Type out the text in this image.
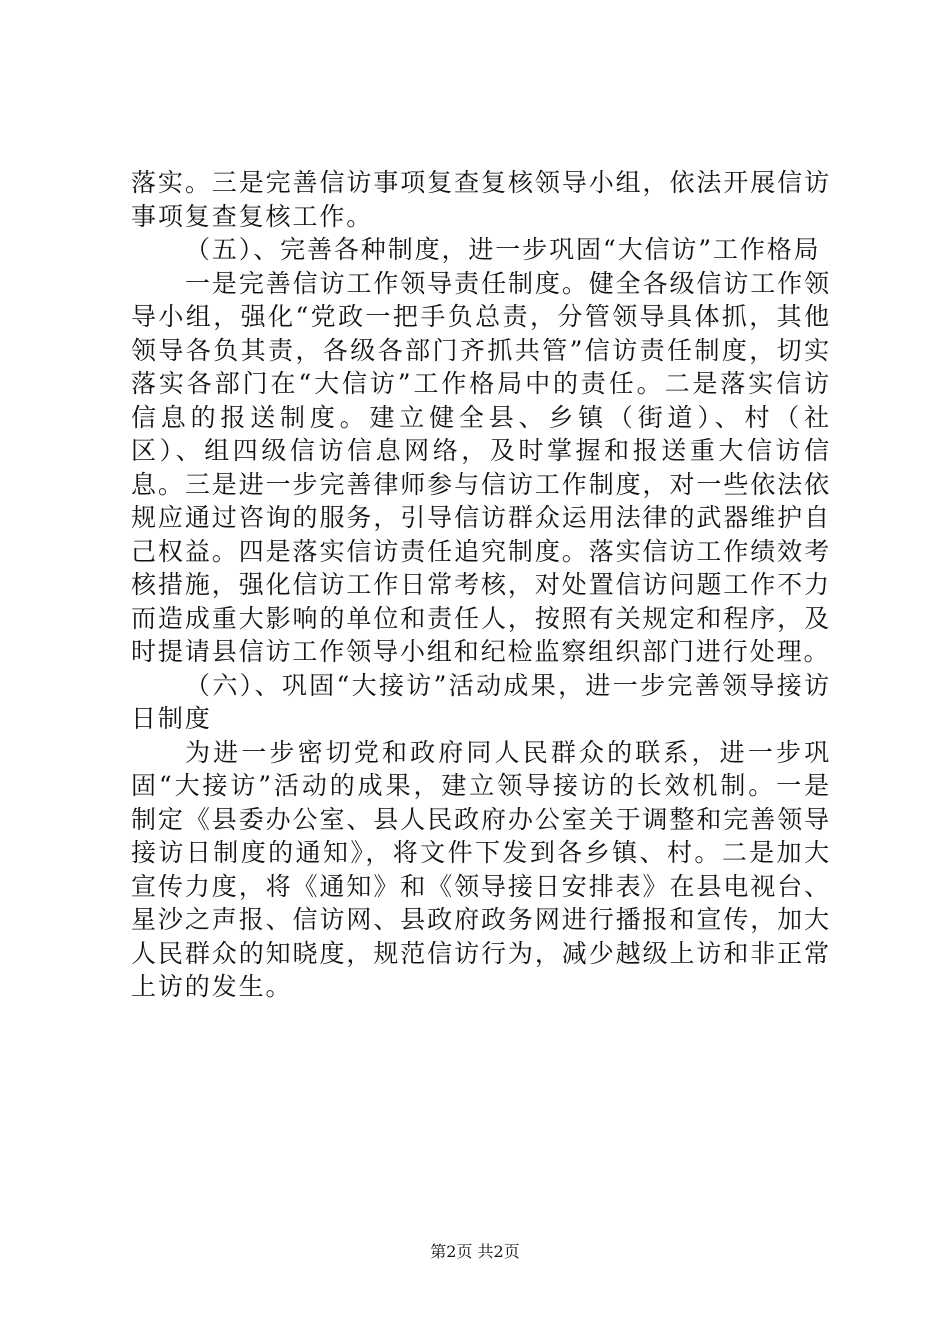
落实。三是完善信访事项复查复核领导小组，依法开展信访事项复查复核工作。

（五）、完善各种制度，进一步巩固“大信访”工作格局

一是完善信访工作领导责任制度。健全各级信访工作领导小组，强化“党政一把手负总责，分管领导具体抓，其他领导各负其责，各级各部门齐抓共管”信访责任制度，切实落实各部门在“大信访”工作格局中的责任。二是落实信访信息的报送制度。建立健全县、乡镇（街道）、村（社区）、组四级信访信息网络，及时掌握和报送重大信访信息。三是进一步完善律师参与信访工作制度，对一些依法依规应通过咨询的服务，引导信访群众运用法律的武器维护自己权益。四是落实信访责任追究制度。落实信访工作绩效考核措施，强化信访工作日常考核，对处置信访问题工作不力而造成重大影响的单位和责任人，按照有关规定和程序，及时提请县信访工作领导小组和纪检监察组织部门进行处理。

（六）、巩固“大接访”活动成果，进一步完善领导接访日制度

为进一步密切党和政府同人民群众的联系，进一步巩固“大接访”活动的成果，建立领导接访的长效机制。一是制定《县委办公室、县人民政府办公室关于调整和完善领导接访日制度的通知》，将文件下发到各乡镇、村。二是加大宣传力度，将《通知》和《领导接日安排表》在县电视台、星沙之声报、信访网、县政府政务网进行播报和宣传，加大人民群众的知晓度，规范信访行为，减少越级上访和非正常上访的发生。

第2页 共2页
